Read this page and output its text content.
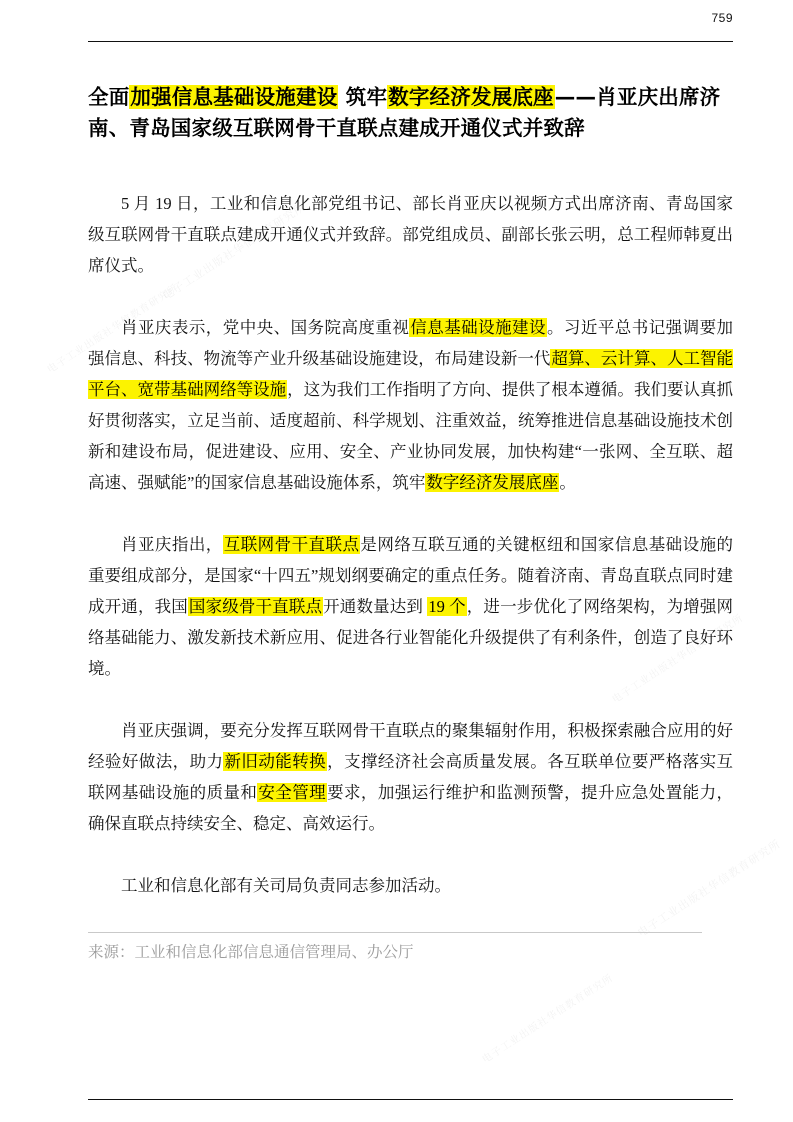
759
电子工业出版社华信教育研究所
电子工业出版社华信教育研究所
电子工业出版社华信教育研究所
电子工业出版社华信教育研究所
电子工业出版社华信教育研究所
全面加强信息基础设施建设 筑牢数字经济发展底座——肖亚庆出席济南、青岛国家级互联网骨干直联点建成开通仪式并致辞

5 月 19 日，工业和信息化部党组书记、部长肖亚庆以视频方式出席济南、青岛国家级互联网骨干直联点建成开通仪式并致辞。部党组成员、副部长张云明，总工程师韩夏出席仪式。

肖亚庆表示，党中央、国务院高度重视信息基础设施建设。习近平总书记强调要加强信息、科技、物流等产业升级基础设施建设，布局建设新一代超算、云计算、人工智能平台、宽带基础网络等设施，这为我们工作指明了方向、提供了根本遵循。我们要认真抓好贯彻落实，立足当前、适度超前、科学规划、注重效益，统筹推进信息基础设施技术创新和建设布局，促进建设、应用、安全、产业协同发展，加快构建“一张网、全互联、超高速、强赋能”的国家信息基础设施体系，筑牢数字经济发展底座。

肖亚庆指出，互联网骨干直联点是网络互联互通的关键枢纽和国家信息基础设施的重要组成部分，是国家“十四五”规划纲要确定的重点任务。随着济南、青岛直联点同时建成开通，我国国家级骨干直联点开通数量达到 19 个，进一步优化了网络架构，为增强网络基础能力、激发新技术新应用、促进各行业智能化升级提供了有利条件，创造了良好环境。

肖亚庆强调，要充分发挥互联网骨干直联点的聚集辐射作用，积极探索融合应用的好经验好做法，助力新旧动能转换，支撑经济社会高质量发展。各互联单位要严格落实互联网基础设施的质量和安全管理要求，加强运行维护和监测预警，提升应急处置能力，确保直联点持续安全、稳定、高效运行。

工业和信息化部有关司局负责同志参加活动。

来源：工业和信息化部信息通信管理局、办公厅
